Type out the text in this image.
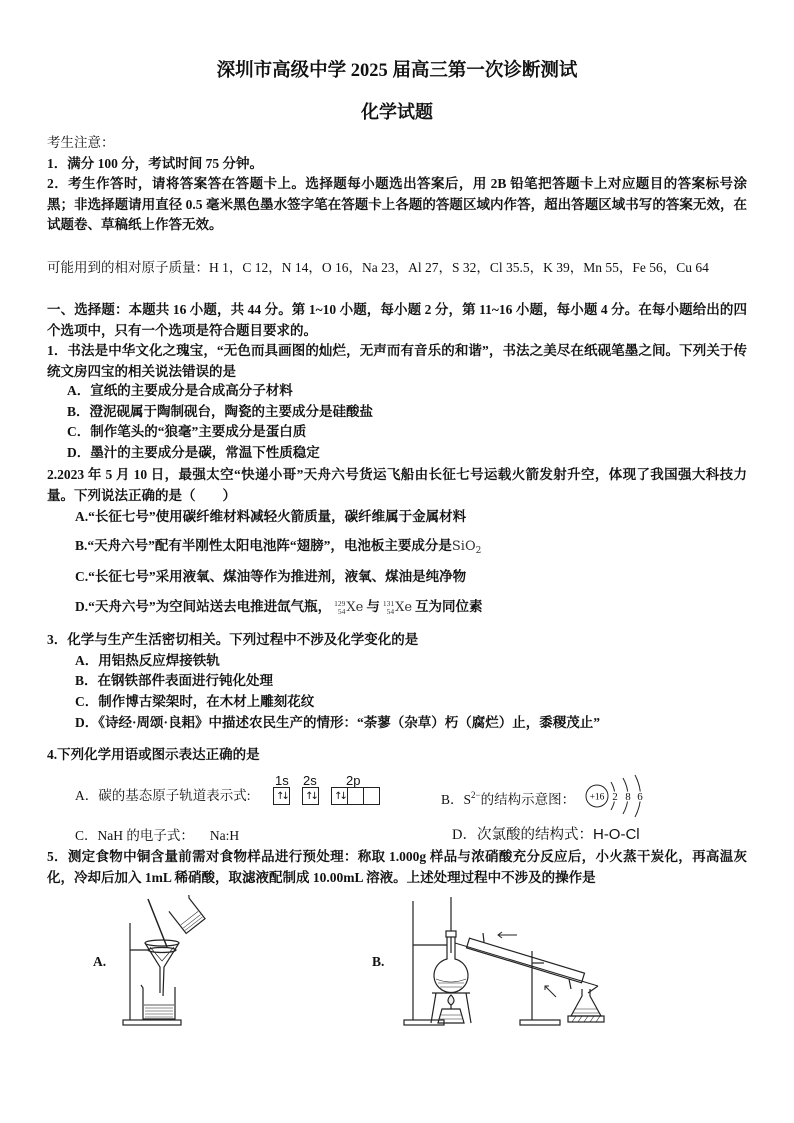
深圳市高级中学 2025 届高三第一次诊断测试
化学试题

考生注意：

1．满分 100 分，考试时间 75 分钟。

2．考生作答时，请将答案答在答题卡上。选择题每小题选出答案后，用 2B 铅笔把答题卡上对应题目的答案标号涂黑；非选择题请用直径 0.5 毫米黑色墨水签字笔在答题卡上各题的答题区域内作答，超出答题区域书写的答案无效，在试题卷、草稿纸上作答无效。

可能用到的相对原子质量：H 1，C 12，N 14，O 16，Na 23，Al 27，S 32，Cl 35.5，K 39，Mn 55，Fe 56，Cu 64
一、选择题：本题共 16 小题，共 44 分。第 1~10 小题，每小题 2 分，第 11~16 小题，每小题 4 分。在每小题给出的四个选项中，只有一个选项是符合题目要求的。
1．书法是中华文化之瑰宝，“无色而具画图的灿烂，无声而有音乐的和谐”，书法之美尽在纸砚笔墨之间。下列关于传统文房四宝的相关说法错误的是
A．宣纸的主要成分是合成高分子材料
B．澄泥砚属于陶制砚台，陶瓷的主要成分是硅酸盐
C．制作笔头的“狼毫”主要成分是蛋白质
D．墨汁的主要成分是碳，常温下性质稳定
2.2023 年 5 月 10 日，最强太空“快递小哥”天舟六号货运飞船由长征七号运载火箭发射升空，体现了我国强大科技力量。下列说法正确的是（　　）
A.“长征七号”使用碳纤维材料减轻火箭质量，碳纤维属于金属材料
B.“天舟六号”配有半刚性太阳电池阵“翅膀”，电池板主要成分是SiO$_2$
C.“长征七号”采用液氧、煤油等作为推进剂，液氧、煤油是纯净物
D.“天舟六号”为空间站送去电推进氙气瓶， 129
54 Xe 与 131
54 Xe 互为同位素
3．化学与生产生活密切相关。下列过程中不涉及化学变化的是
A．用铝热反应焊接铁轨
B．在钢铁部件表面进行钝化处理
C．制作博古梁架时，在木材上雕刻花纹
D．《诗经·周颂·良耜》中描述农民生产的情形：“荼蓼（杂草）朽（腐烂）止，黍稷茂止”
4.下列化学用语或图示表达正确的是
A．碳的基态原子轨道表示式:
1s 2s 2p
↑↓	↑↓	↑↓	B．$S^{2-}$的结构示意图： +16 2 8 6
C．NaH 的电子式： Na:H	D．次氯酸的结构式：H-O-Cl
5．测定食物中铜含量前需对食物样品进行预处理：称取 1.000g 样品与浓硝酸充分反应后，小火蒸干炭化，再高温灰化，冷却后加入 1mL 稀硝酸，取滤液配制成 10.00mL 溶液。上述处理过程中不涉及的操作是
A.	B.
